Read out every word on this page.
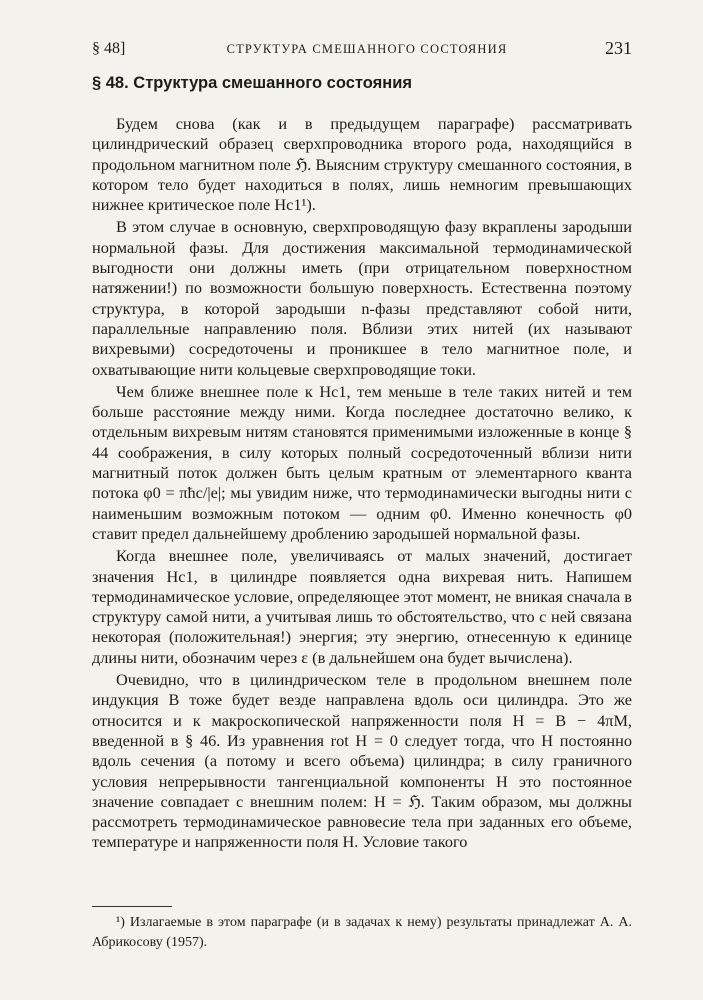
§ 48]	СТРУКТУРА СМЕШАННОГО СОСТОЯНИЯ	231
§ 48. Структура смешанного состояния

Будем снова (как и в предыдущем параграфе) рассматривать цилиндрический образец сверхпроводника второго рода, находящийся в продольном магнитном поле ℌ. Выясним структуру смешанного состояния, в котором тело будет находиться в полях, лишь немногим превышающих нижнее критическое поле Hc1¹).

В этом случае в основную, сверхпроводящую фазу вкраплены зародыши нормальной фазы. Для достижения максимальной термодинамической выгодности они должны иметь (при отрицательном поверхностном натяжении!) по возможности большую поверхность. Естественна поэтому структура, в которой зародыши n-фазы представляют собой нити, параллельные направлению поля. Вблизи этих нитей (их называют вихревыми) сосредоточены и проникшее в тело магнитное поле, и охватывающие нити кольцевые сверхпроводящие токи.

Чем ближе внешнее поле к Hc1, тем меньше в теле таких нитей и тем больше расстояние между ними. Когда последнее достаточно велико, к отдельным вихревым нитям становятся применимыми изложенные в конце § 44 соображения, в силу которых полный сосредоточенный вблизи нити магнитный поток должен быть целым кратным от элементарного кванта потока φ0 = πħc/|e|; мы увидим ниже, что термодинамически выгодны нити с наименьшим возможным потоком — одним φ0. Именно конечность φ0 ставит предел дальнейшему дроблению зародышей нормальной фазы.

Когда внешнее поле, увеличиваясь от малых значений, достигает значения Hc1, в цилиндре появляется одна вихревая нить. Напишем термодинамическое условие, определяющее этот момент, не вникая сначала в структуру самой нити, а учитывая лишь то обстоятельство, что с ней связана некоторая (положительная!) энергия; эту энергию, отнесенную к единице длины нити, обозначим через ε (в дальнейшем она будет вычислена).

Очевидно, что в цилиндрическом теле в продольном внешнем поле индукция B тоже будет везде направлена вдоль оси цилиндра. Это же относится и к макроскопической напряженности поля H = B − 4πM, введенной в § 46. Из уравнения rot H = 0 следует тогда, что H постоянно вдоль сечения (а потому и всего объема) цилиндра; в силу граничного условия непрерывности тангенциальной компоненты H это постоянное значение совпадает с внешним полем: H = ℌ. Таким образом, мы должны рассмотреть термодинамическое равновесие тела при заданных его объеме, температуре и напряженности поля H. Условие такого

¹) Излагаемые в этом параграфе (и в задачах к нему) результаты принадлежат А. А. Абрикосову (1957).
